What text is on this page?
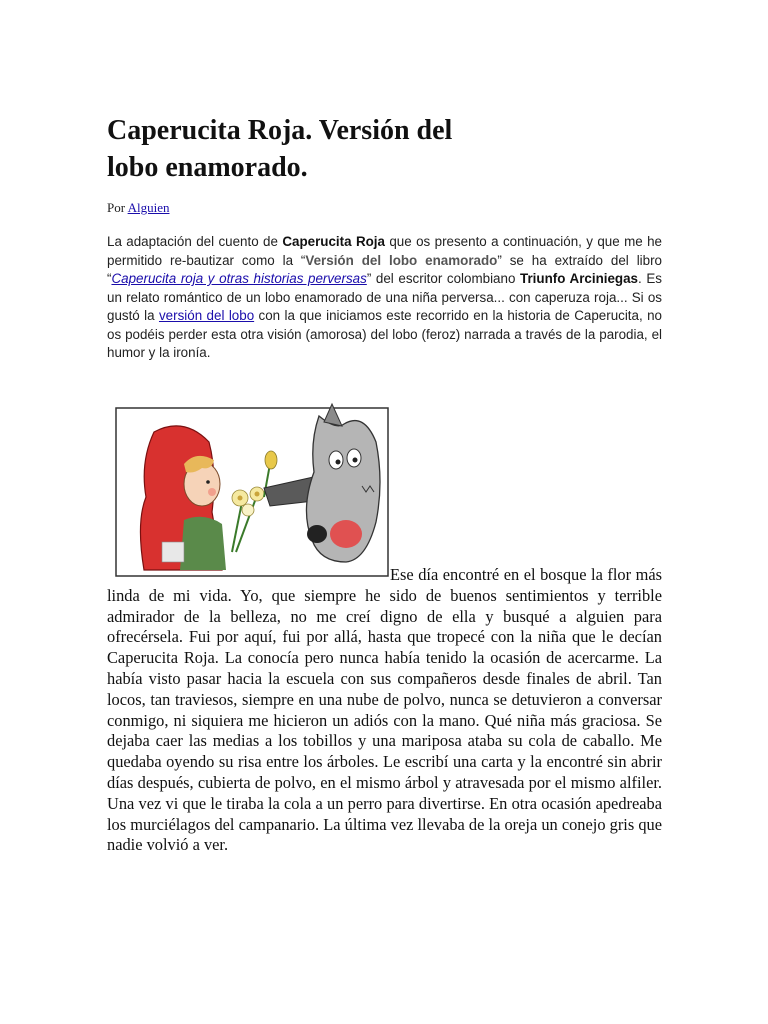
Caperucita Roja. Versión del
lobo enamorado.

Por Alguien

La adaptación del cuento de Caperucita Roja que os presento a continuación, y que me he permitido re-bautizar como la “Versión del lobo enamorado” se ha extraído del libro “Caperucita roja y otras historias perversas” del escritor colombiano Triunfo Arciniegas. Es un relato romántico de un lobo enamorado de una niña perversa... con caperuza roja... Si os gustó la versión del lobo con la que iniciamos este recorrido en la historia de Caperucita, no os podéis perder esta otra visión (amorosa) del lobo (feroz) narrada a través de la parodia, el humor y la ironía.

Ese día encontré en el bosque la flor más linda de mi vida. Yo, que siempre he sido de buenos sentimientos y terrible admirador de la belleza, no me creí digno de ella y busqué a alguien para ofrecérsela. Fui por aquí, fui por allá, hasta que tropecé con la niña que le decían Caperucita Roja. La conocía pero nunca había tenido la ocasión de acercarme. La había visto pasar hacia la escuela con sus compañeros desde finales de abril. Tan locos, tan traviesos, siempre en una nube de polvo, nunca se detuvieron a conversar conmigo, ni siquiera me hicieron un adiós con la mano. Qué niña más graciosa. Se dejaba caer las medias a los tobillos y una mariposa ataba su cola de caballo. Me quedaba oyendo su risa entre los árboles. Le escribí una carta y la encontré sin abrir días después, cubierta de polvo, en el mismo árbol y atravesada por el mismo alfiler. Una vez vi que le tiraba la cola a un perro para divertirse. En otra ocasión apedreaba los murciélagos del campanario. La última vez llevaba de la oreja un conejo gris que nadie volvió a ver.
